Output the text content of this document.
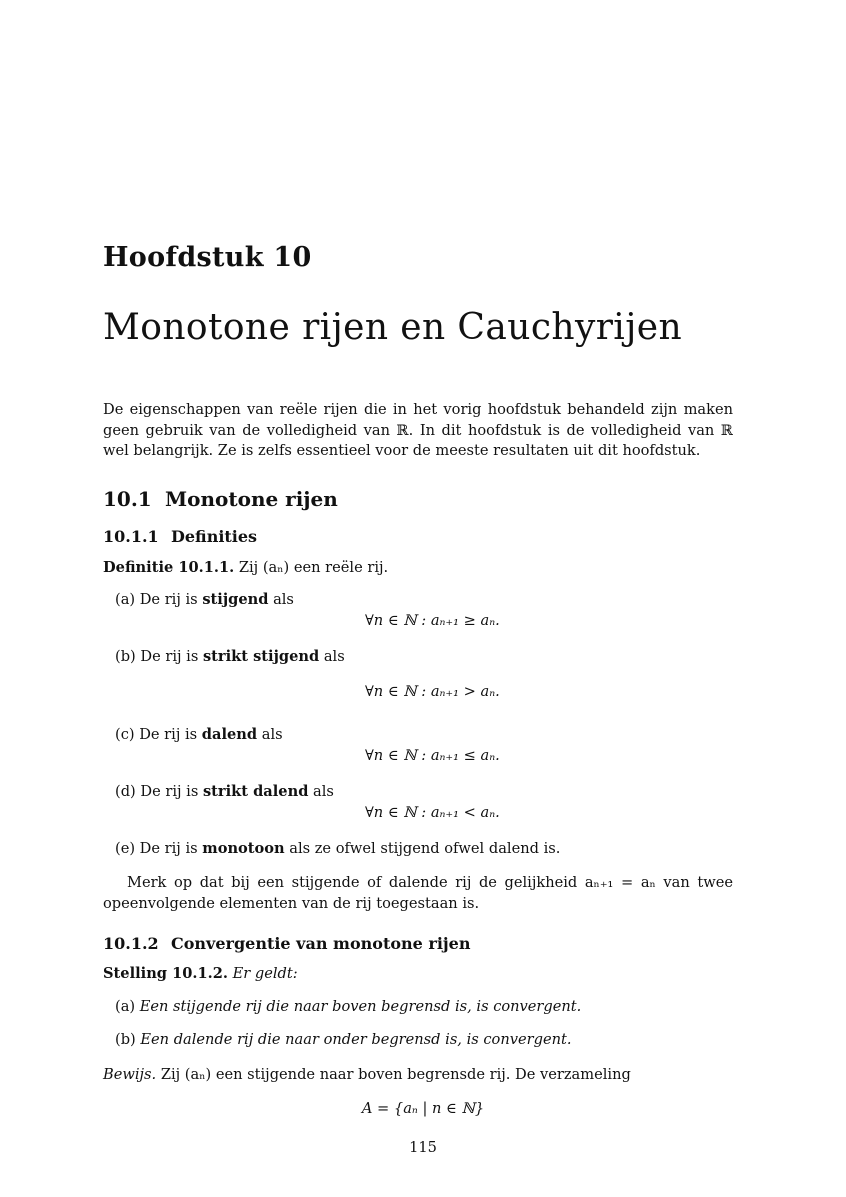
Hoofdstuk 10
Monotone rijen en Cauchyrijen
De eigenschappen van reële rijen die in het vorig hoofdstuk behandeld zijn maken geen gebruik van de volledigheid van ℝ. In dit hoofdstuk is de volledigheid van ℝ wel belangrijk. Ze is zelfs essentieel voor de meeste resultaten uit dit hoofdstuk.
10.1 Monotone rijen
10.1.1 Definities
Definitie 10.1.1. Zij (aₙ) een reële rij.
(a) De rij is stijgend als
∀n ∈ ℕ : aₙ₊₁ ≥ aₙ.
(b) De rij is strikt stijgend als
∀n ∈ ℕ : aₙ₊₁ > aₙ.
(c) De rij is dalend als
∀n ∈ ℕ : aₙ₊₁ ≤ aₙ.
(d) De rij is strikt dalend als
∀n ∈ ℕ : aₙ₊₁ < aₙ.
(e) De rij is monotoon als ze ofwel stijgend ofwel dalend is.
Merk op dat bij een stijgende of dalende rij de gelijkheid aₙ₊₁ = aₙ van twee opeenvolgende elementen van de rij toegestaan is.
10.1.2 Convergentie van monotone rijen
Stelling 10.1.2. Er geldt:
(a) Een stijgende rij die naar boven begrensd is, is convergent.
(b) Een dalende rij die naar onder begrensd is, is convergent.
Bewijs. Zij (aₙ) een stijgende naar boven begrensde rij. De verzameling
A = {aₙ | n ∈ ℕ}
115
